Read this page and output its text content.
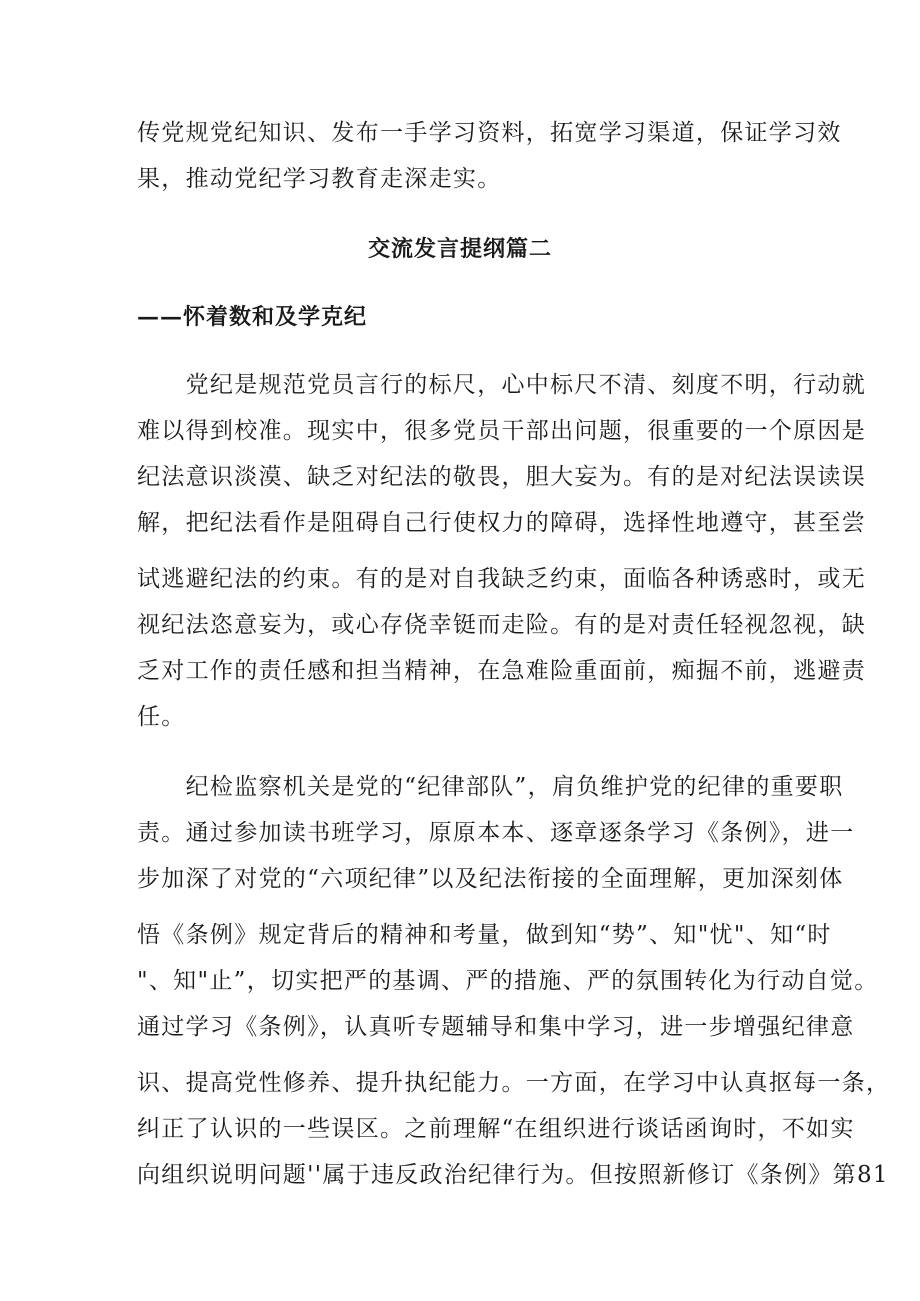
传党规党纪知识、发布一手学习资料，拓宽学习渠道，保证学习效
果，推动党纪学习教育走深走实。
交流发言提纲篇二
——怀着数和及学克纪
　　党纪是规范党员言行的标尺，心中标尺不清、刻度不明，行动就
难以得到校准。现实中，很多党员干部出问题，很重要的一个原因是
纪法意识淡漠、缺乏对纪法的敬畏，胆大妄为。有的是对纪法误读误
解，把纪法看作是阻碍自己行使权力的障碍，选择性地遵守，甚至尝
试逃避纪法的约束。有的是对自我缺乏约束，面临各种诱惑时，或无
视纪法恣意妄为，或心存侥幸铤而走险。有的是对责任轻视忽视，缺
乏对工作的责任感和担当精神，在急难险重面前，痴掘不前，逃避责
任。
　　纪检监察机关是党的“纪律部队”，肩负维护党的纪律的重要职
责。通过参加读书班学习，原原本本、逐章逐条学习《条例》，进一
步加深了对党的“六项纪律”以及纪法衔接的全面理解，更加深刻体
悟《条例》规定背后的精神和考量，做到知“势”、知"忧"、知“时
"、知"止”，切实把严的基调、严的措施、严的氛围转化为行动自觉。
通过学习《条例》，认真听专题辅导和集中学习，进一步增强纪律意
识、提高党性修养、提升执纪能力。一方面，在学习中认真抠每一条，
纠正了认识的一些误区。之前理解“在组织进行谈话函询时，不如实
向组织说明问题''属于违反政治纪律行为。但按照新修订《条例》第81
